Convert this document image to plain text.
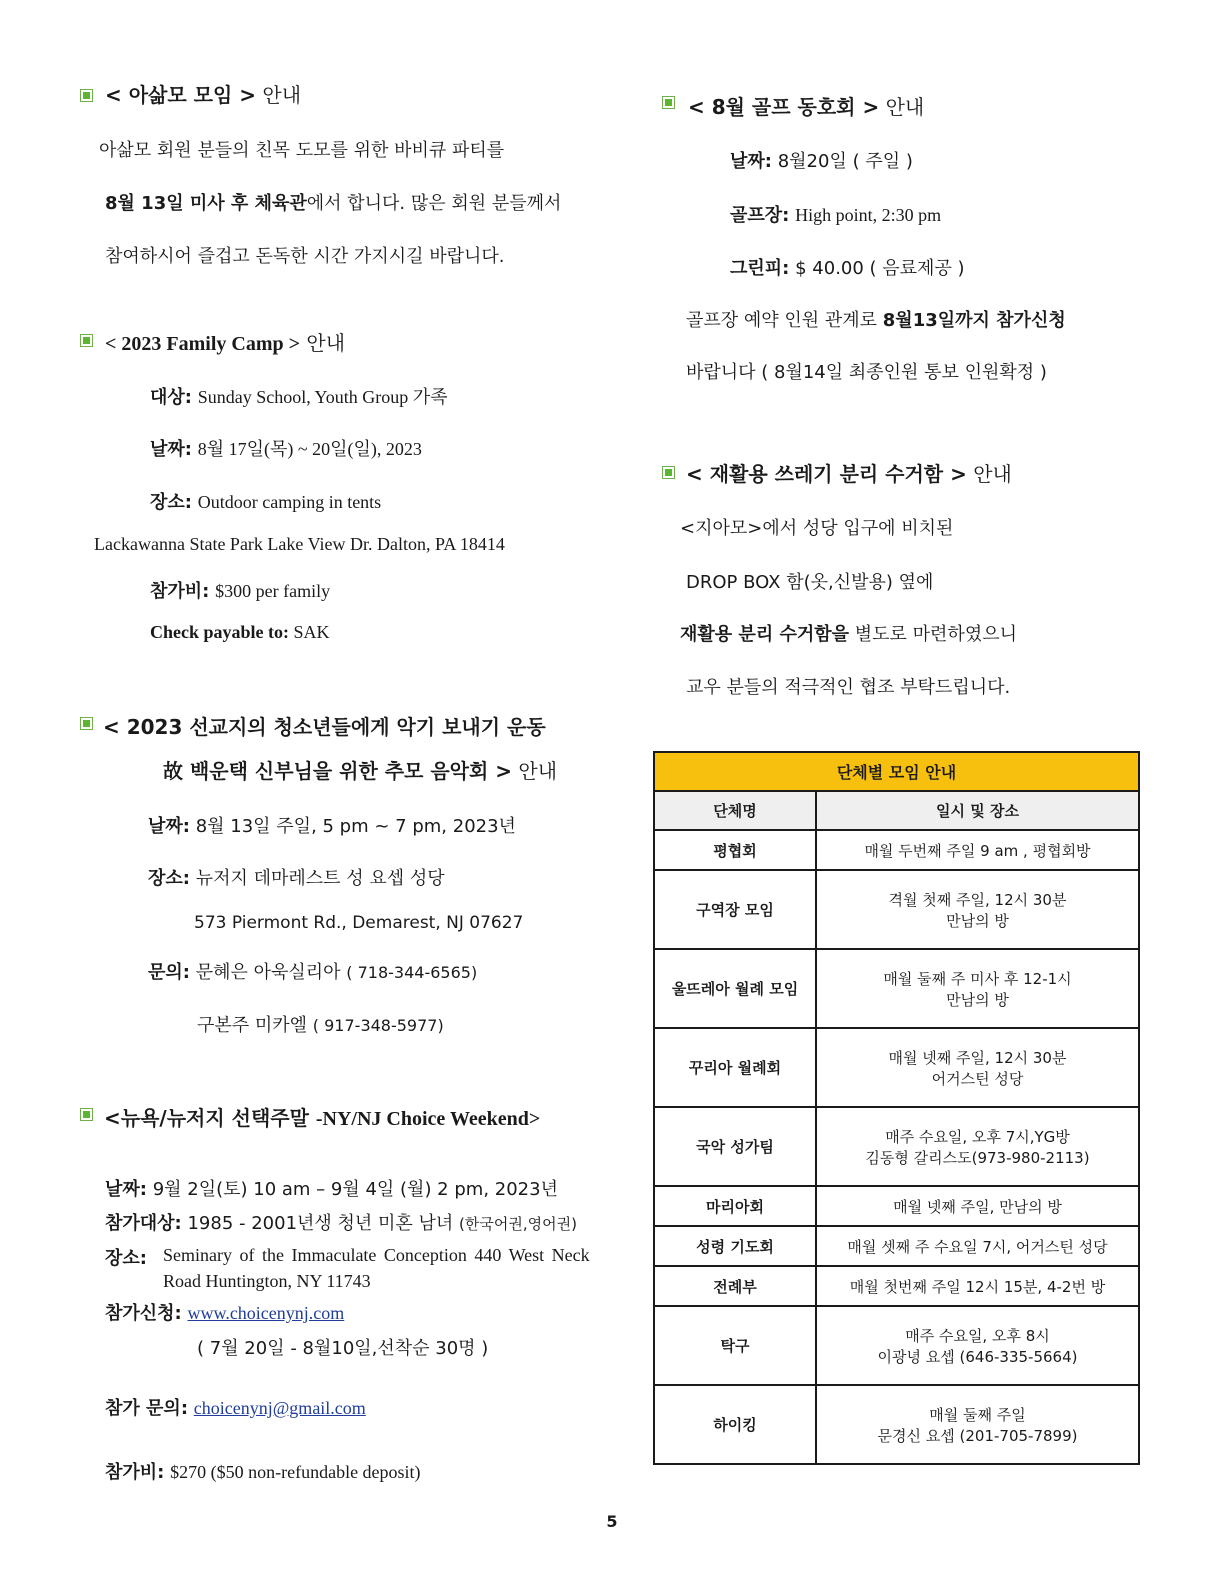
< 아삶모 모임 > 안내
아삶모 회원 분들의 친목 도모를 위한 바비큐 파티를
8월 13일 미사 후 체육관에서 합니다. 많은 회원 분들께서
참여하시어 즐겁고 돈독한 시간 가지시길 바랍니다.
< 2023 Family Camp > 안내
대상: Sunday School, Youth Group 가족
날짜: 8월 17일(목) ~ 20일(일), 2023
장소: Outdoor camping in tents
Lackawanna State Park Lake View Dr. Dalton, PA 18414
참가비: $300 per family
Check payable to: SAK
< 2023 선교지의 청소년들에게 악기 보내기 운동
故 백운택 신부님을 위한 추모 음악회 > 안내
날짜: 8월 13일 주일, 5 pm ~ 7 pm, 2023년
장소: 뉴저지 데마레스트 성 요셉 성당
573 Piermont Rd., Demarest, NJ 07627
문의: 문혜은 아욱실리아 ( 718-344-6565)
구본주 미카엘 ( 917-348-5977)
<뉴욕/뉴저지 선택주말 -NY/NJ Choice Weekend>
날짜: 9월 2일(토) 10 am – 9월 4일 (월) 2 pm, 2023년
참가대상: 1985 - 2001년생 청년 미혼 남녀 (한국어권,영어권)
장소: Seminary of the Immaculate Conception 440 West Neck
Road Huntington, NY 11743
참가신청: www.choicenynj.com
( 7월 20일 - 8월10일,선착순 30명 )
참가 문의: choicenynj@gmail.com
참가비: $270 ($50 non-refundable deposit)
< 8월 골프 동호회 > 안내
날짜: 8월20일 ( 주일 )
골프장: High point, 2:30 pm
그린피: $ 40.00 ( 음료제공 )
골프장 예약 인원 관계로 8월13일까지 참가신청
바랍니다 ( 8월14일 최종인원 통보 인원확정 )
< 재활용 쓰레기 분리 수거함 > 안내
<지아모>에서 성당 입구에 비치된
DROP BOX 함(옷,신발용) 옆에
재활용 분리 수거함을 별도로 마련하였으니
교우 분들의 적극적인 협조 부탁드립니다.
단체별 모임 안내	
단체명	일시 및 장소
평협회	매월 두번째 주일 9 am , 평협회방
구역장 모임	격월 첫째 주일, 12시 30분
만남의 방

울뜨레아 월례 모임	매월 둘째 주 미사 후 12-1시
만남의 방

꾸리아 월례회	매월 넷째 주일, 12시 30분
어거스틴 성당

국악 성가팀	매주 수요일, 오후 7시,YG방
김동형 갈리스도(973-980-2113)

마리아회	매월 넷째 주일, 만남의 방
성령 기도회	매월 셋째 주 수요일 7시, 어거스틴 성당
전례부	매월 첫번째 주일 12시 15분, 4-2번 방
탁구	매주 수요일, 오후 8시
이광녕 요셉 (646-335-5664)

하이킹	매월 둘째 주일
문경신 요셉 (201-705-7899)
5
